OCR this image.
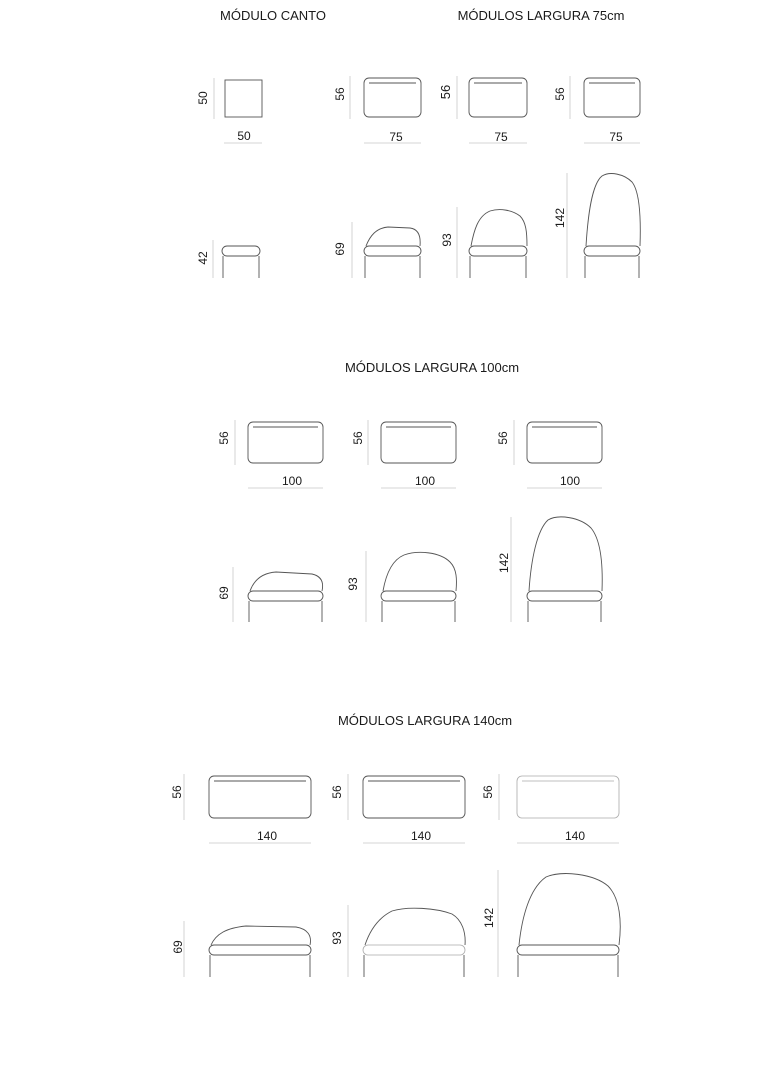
MÓDULO CANTO	MÓDULOS LARGURA 75cm
MÓDULOS LARGURA 100cm
MÓDULOS LARGURA 140cm
50
50
42
56
75
56
75
56
75
69
93
142
56
100
56
100
56
100
69
93
142
56
140
56
140
56
140
69
93
142
